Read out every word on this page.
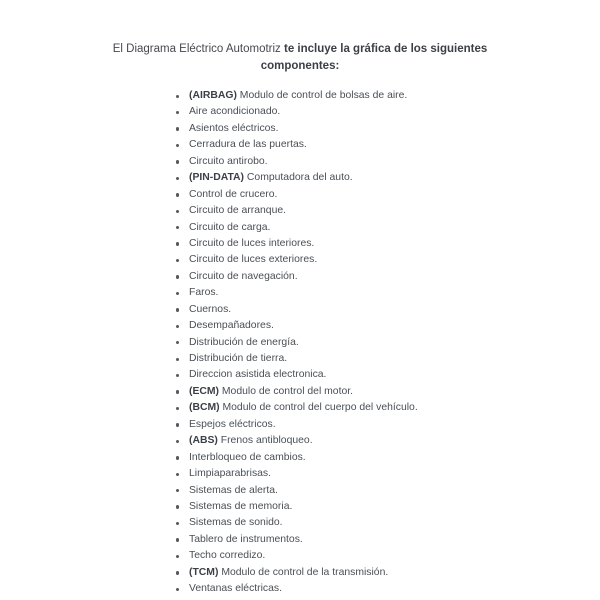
El Diagrama Eléctrico Automotriz te incluye la gráfica de los siguientes
componentes:
(AIRBAG) Modulo de control de bolsas de aire.
Aire acondicionado.
Asientos eléctricos.
Cerradura de las puertas.
Circuito antirobo.
(PIN-DATA) Computadora del auto.
Control de crucero.
Circuito de arranque.
Circuito de carga.
Circuito de luces interiores.
Circuito de luces exteriores.
Circuito de navegación.
Faros.
Cuernos.
Desempañadores.
Distribución de energía.
Distribución de tierra.
Direccion asistida electronica.
(ECM) Modulo de control del motor.
(BCM) Modulo de control del cuerpo del vehículo.
Espejos eléctricos.
(ABS) Frenos antibloqueo.
Interbloqueo de cambios.
Limpiaparabrisas.
Sistemas de alerta.
Sistemas de memoria.
Sistemas de sonido.
Tablero de instrumentos.
Techo corredizo.
(TCM) Modulo de control de la transmisión.
Ventanas eléctricas.
